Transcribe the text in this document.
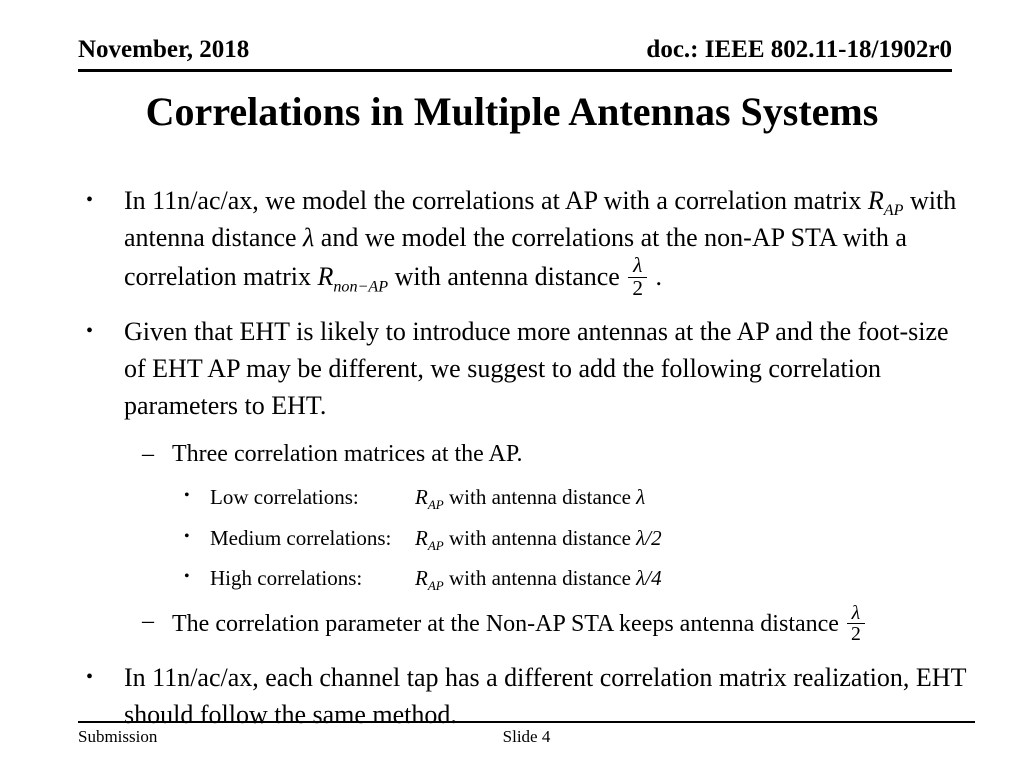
November, 2018	doc.: IEEE 802.11-18/1902r0
Correlations in Multiple Antennas Systems
•	In 11n/ac/ax, we model the correlations at AP with a correlation matrix $R_{AP}$ with antenna distance λ and we model the correlations at the non-AP STA with a correlation matrix $R_{non-AP}$ with antenna distance $\frac{\lambda}{2}$ .
•	Given that EHT is likely to introduce more antennas at the AP and the foot-size of EHT AP may be different, we suggest to add the following correlation parameters to EHT.
– Three correlation matrices at the AP.
• Low correlations:	$R_{AP}$ with antenna distance λ
• Medium correlations: $R_{AP}$ with antenna distance λ/2
• High correlations:	$R_{AP}$ with antenna distance λ/4
– The correlation parameter at the Non-AP STA keeps antenna distance $\frac{\lambda}{2}$
•	In 11n/ac/ax, each channel tap has a different correlation matrix realization, EHT should follow the same method.
Submission	Slide 4
